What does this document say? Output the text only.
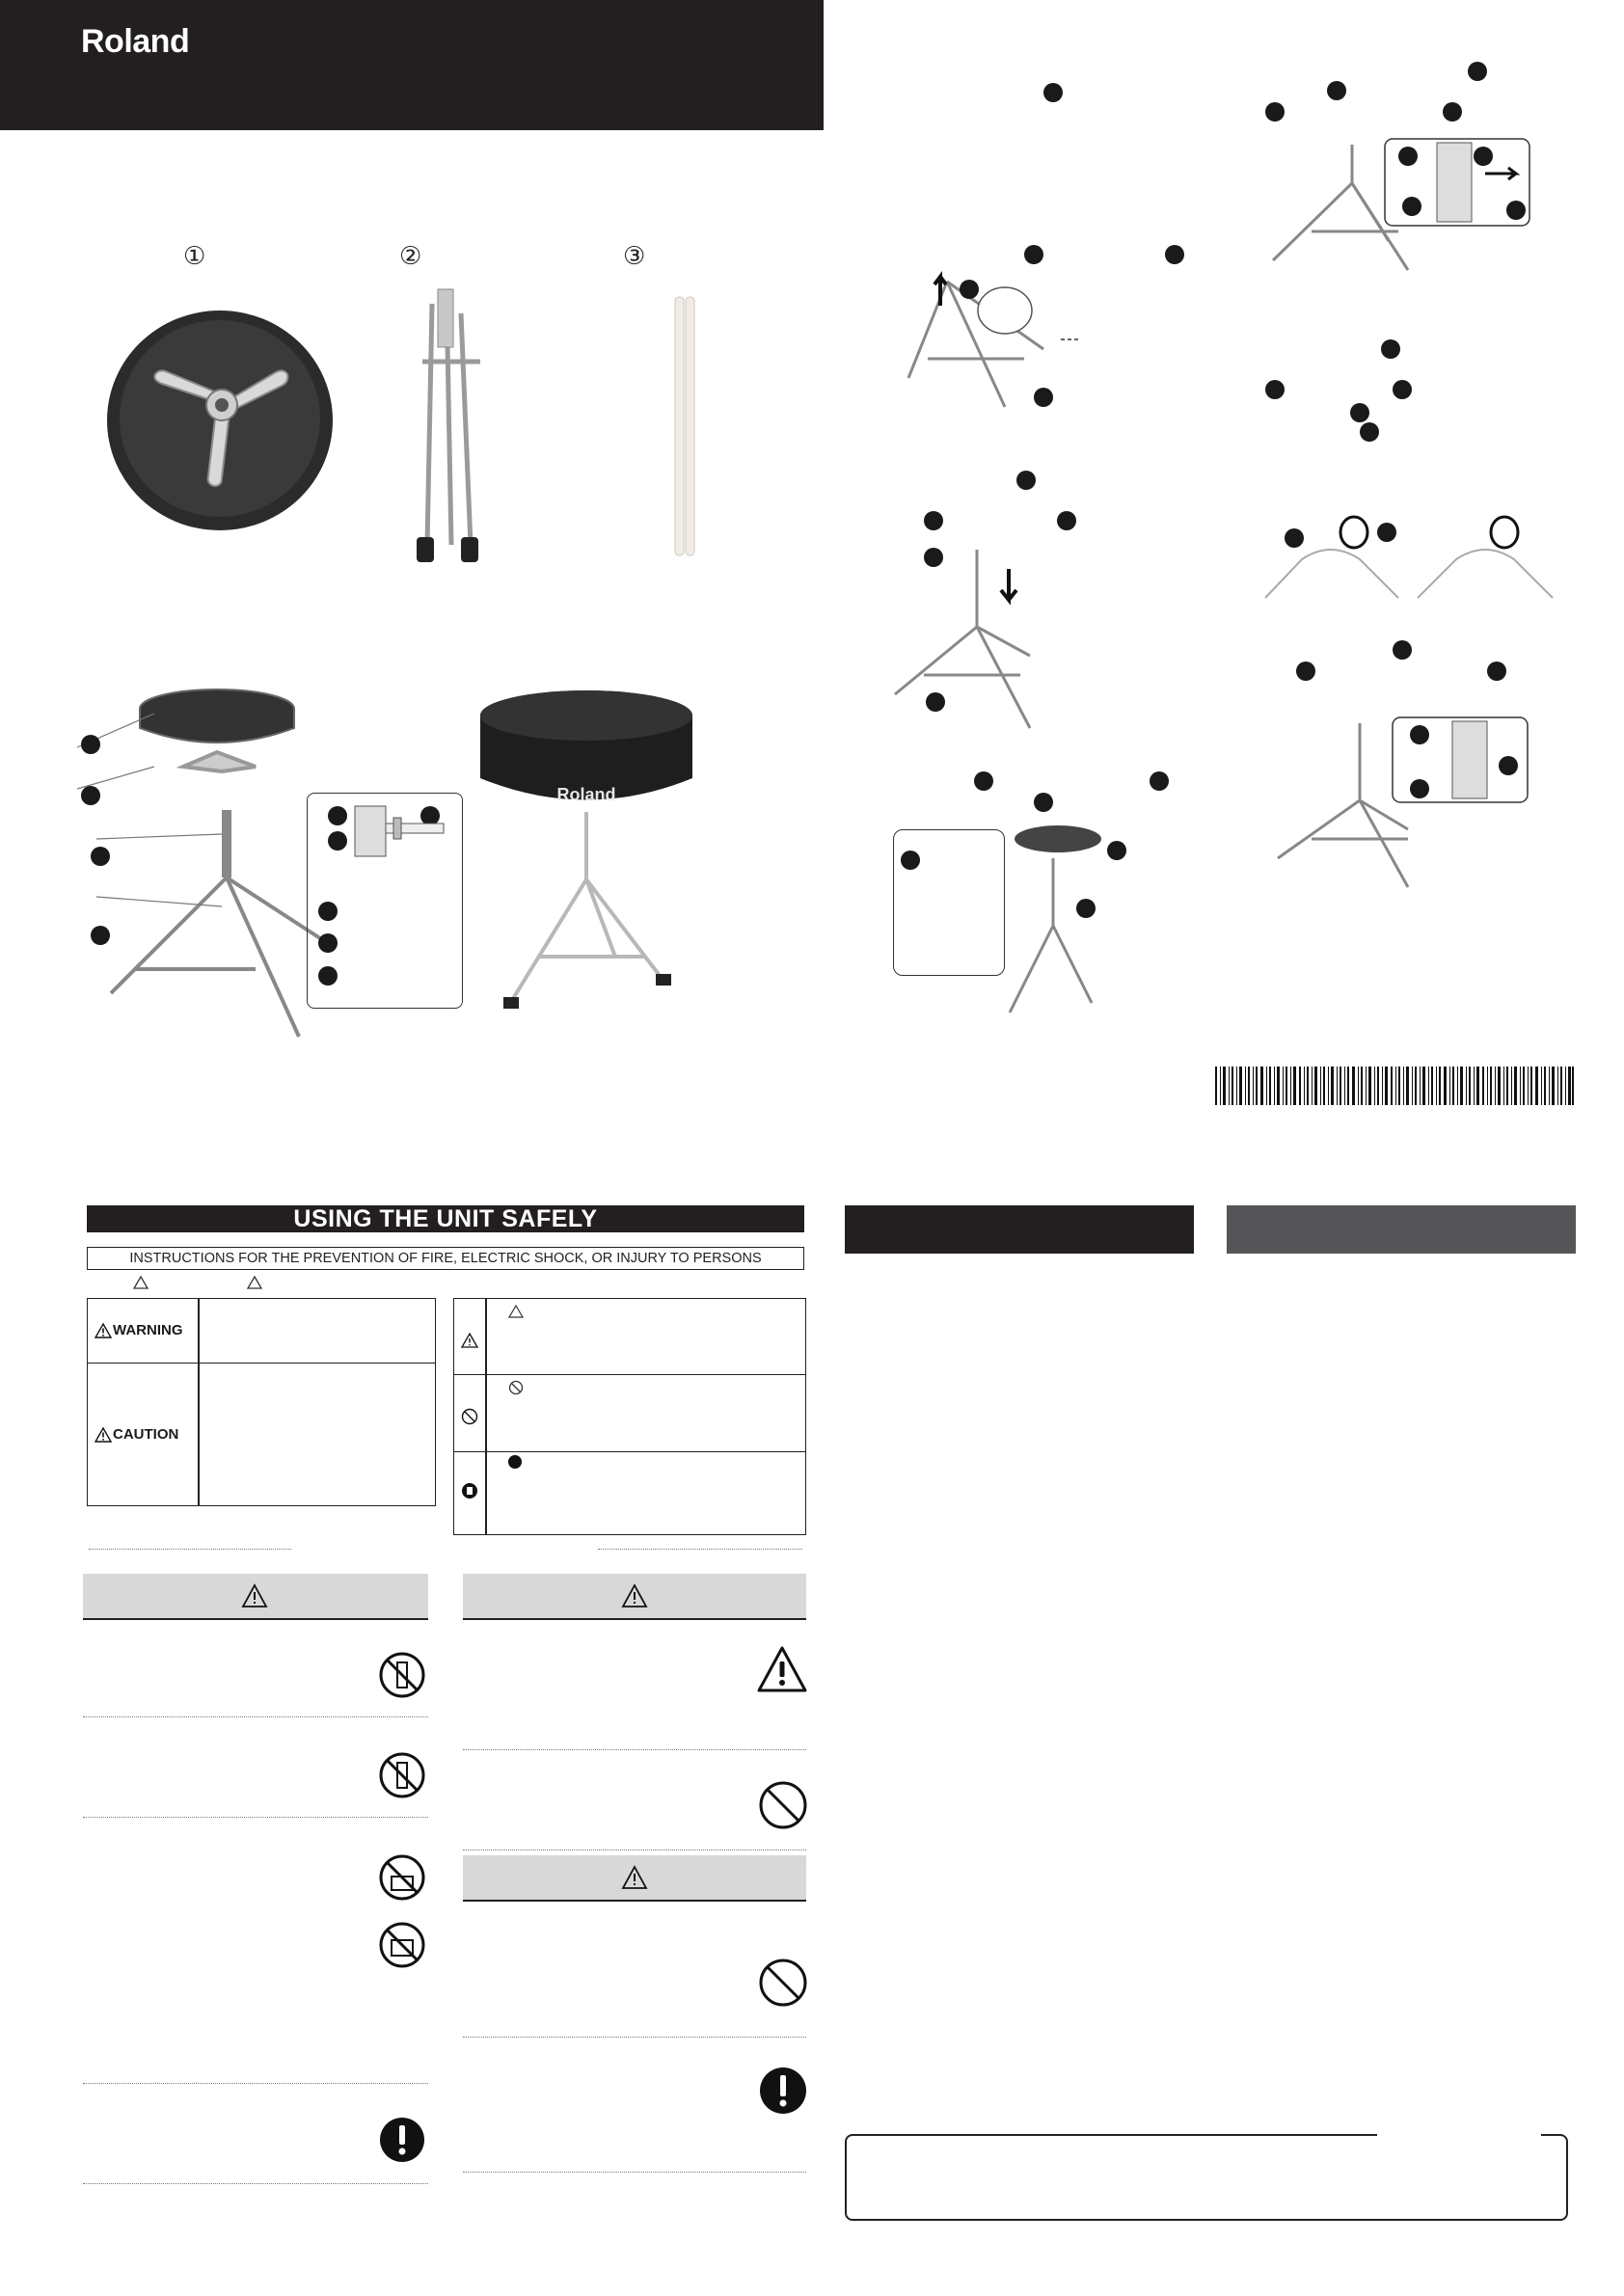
Roland
①	②	③
Roland
USING THE UNIT SAFELY
INSTRUCTIONS FOR THE PREVENTION OF FIRE, ELECTRIC SHOCK, OR INJURY TO PERSONS
WARNING
CAUTION
